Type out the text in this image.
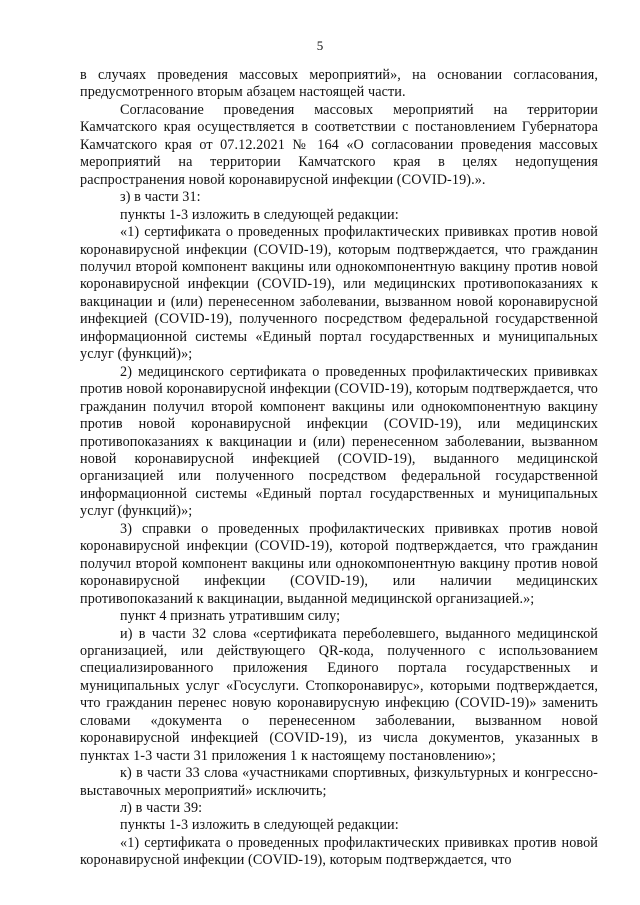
5

в случаях проведения массовых мероприятий», на основании согласования, предусмотренного вторым абзацем настоящей части.

Согласование проведения массовых мероприятий на территории Камчатского края осуществляется в соответствии с постановлением Губернатора Камчатского края от 07.12.2021 № 164 «О согласовании проведения массовых мероприятий на территории Камчатского края в целях недопущения распространения новой коронавирусной инфекции (COVID-19).».

з) в части 31:

пункты 1-3 изложить в следующей редакции:

«1) сертификата о проведенных профилактических прививках против новой коронавирусной инфекции (COVID-19), которым подтверждается, что гражданин получил второй компонент вакцины или однокомпонентную вакцину против новой коронавирусной инфекции (COVID-19), или медицинских противопоказаниях к вакцинации и (или) перенесенном заболевании, вызванном новой коронавирусной инфекцией (COVID-19), полученного посредством федеральной государственной информационной системы «Единый портал государственных и муниципальных услуг (функций)»;

2) медицинского сертификата о проведенных профилактических прививках против новой коронавирусной инфекции (COVID-19), которым подтверждается, что гражданин получил второй компонент вакцины или однокомпонентную вакцину против новой коронавирусной инфекции (COVID-19), или медицинских противопоказаниях к вакцинации и (или) перенесенном заболевании, вызванном новой коронавирусной инфекцией (COVID-19), выданного медицинской организацией или полученного посредством федеральной государственной информационной системы «Единый портал государственных и муниципальных услуг (функций)»;

3) справки о проведенных профилактических прививках против новой коронавирусной инфекции (COVID-19), которой подтверждается, что гражданин получил второй компонент вакцины или однокомпонентную вакцину против новой коронавирусной инфекции (COVID-19), или наличии медицинских противопоказаний к вакцинации, выданной медицинской организацией.»;

пункт 4 признать утратившим силу;

и) в части 32 слова «сертификата переболевшего, выданного медицинской организацией, или действующего QR-кода, полученного с использованием специализированного приложения Единого портала государственных и муниципальных услуг «Госуслуги. Стопкоронавирус», которыми подтверждается, что гражданин перенес новую коронавирусную инфекцию (COVID-19)» заменить словами «документа о перенесенном заболевании, вызванном новой коронавирусной инфекцией (COVID-19), из числа документов, указанных в пунктах 1-3 части 31 приложения 1 к настоящему постановлению»;

к) в части 33 слова «участниками спортивных, физкультурных и конгрессно-выставочных мероприятий» исключить;

л) в части 39:

пункты 1-3 изложить в следующей редакции:

«1) сертификата о проведенных профилактических прививках против новой коронавирусной инфекции (COVID-19), которым подтверждается, что
